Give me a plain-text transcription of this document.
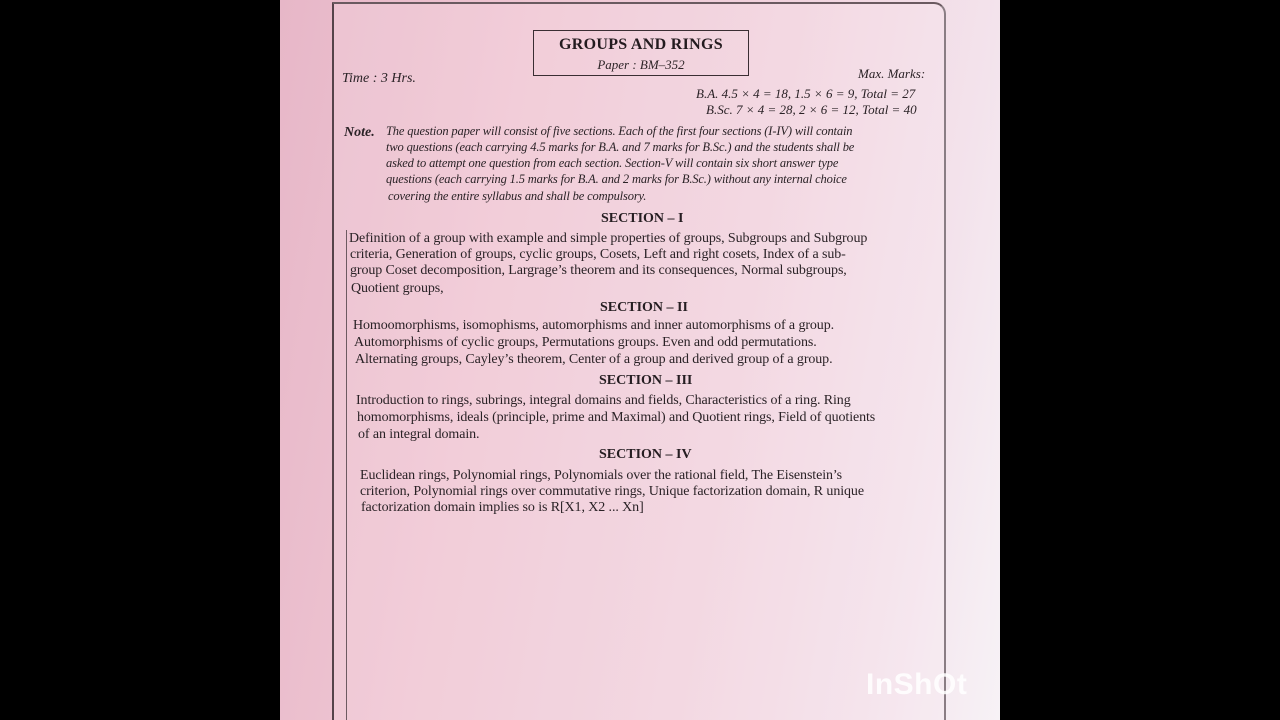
GROUPS AND RINGS
Paper : BM–352
Time : 3 Hrs.	Max. Marks:
B.A. 4.5 × 4 = 18, 1.5 × 6 = 9, Total = 27
B.Sc. 7 × 4 = 28, 2 × 6 = 12, Total = 40
Note. The question paper will consist of five sections. Each of the first four sections (I-IV) will contain
two questions (each carrying 4.5 marks for B.A. and 7 marks for B.Sc.) and the students shall be
asked to attempt one question from each section. Section-V will contain six short answer type
questions (each carrying 1.5 marks for B.A. and 2 marks for B.Sc.) without any internal choice
covering the entire syllabus and shall be compulsory.
SECTION – I
Definition of a group with example and simple properties of groups, Subgroups and Subgroup
criteria, Generation of groups, cyclic groups, Cosets, Left and right cosets, Index of a sub-
group Coset decomposition, Largrage’s theorem and its consequences, Normal subgroups,
Quotient groups,
SECTION – II
Homoomorphisms, isomophisms, automorphisms and inner automorphisms of a group.
Automorphisms of cyclic groups, Permutations groups. Even and odd permutations.
Alternating groups, Cayley’s theorem, Center of a group and derived group of a group.
SECTION – III
Introduction to rings, subrings, integral domains and fields, Characteristics of a ring. Ring
homomorphisms, ideals (principle, prime and Maximal) and Quotient rings, Field of quotients
of an integral domain.
SECTION – IV
Euclidean rings, Polynomial rings, Polynomials over the rational field, The Eisenstein’s
criterion, Polynomial rings over commutative rings, Unique factorization domain, R unique
factorization domain implies so is R[X1, X2 ... Xn]
InShOt
